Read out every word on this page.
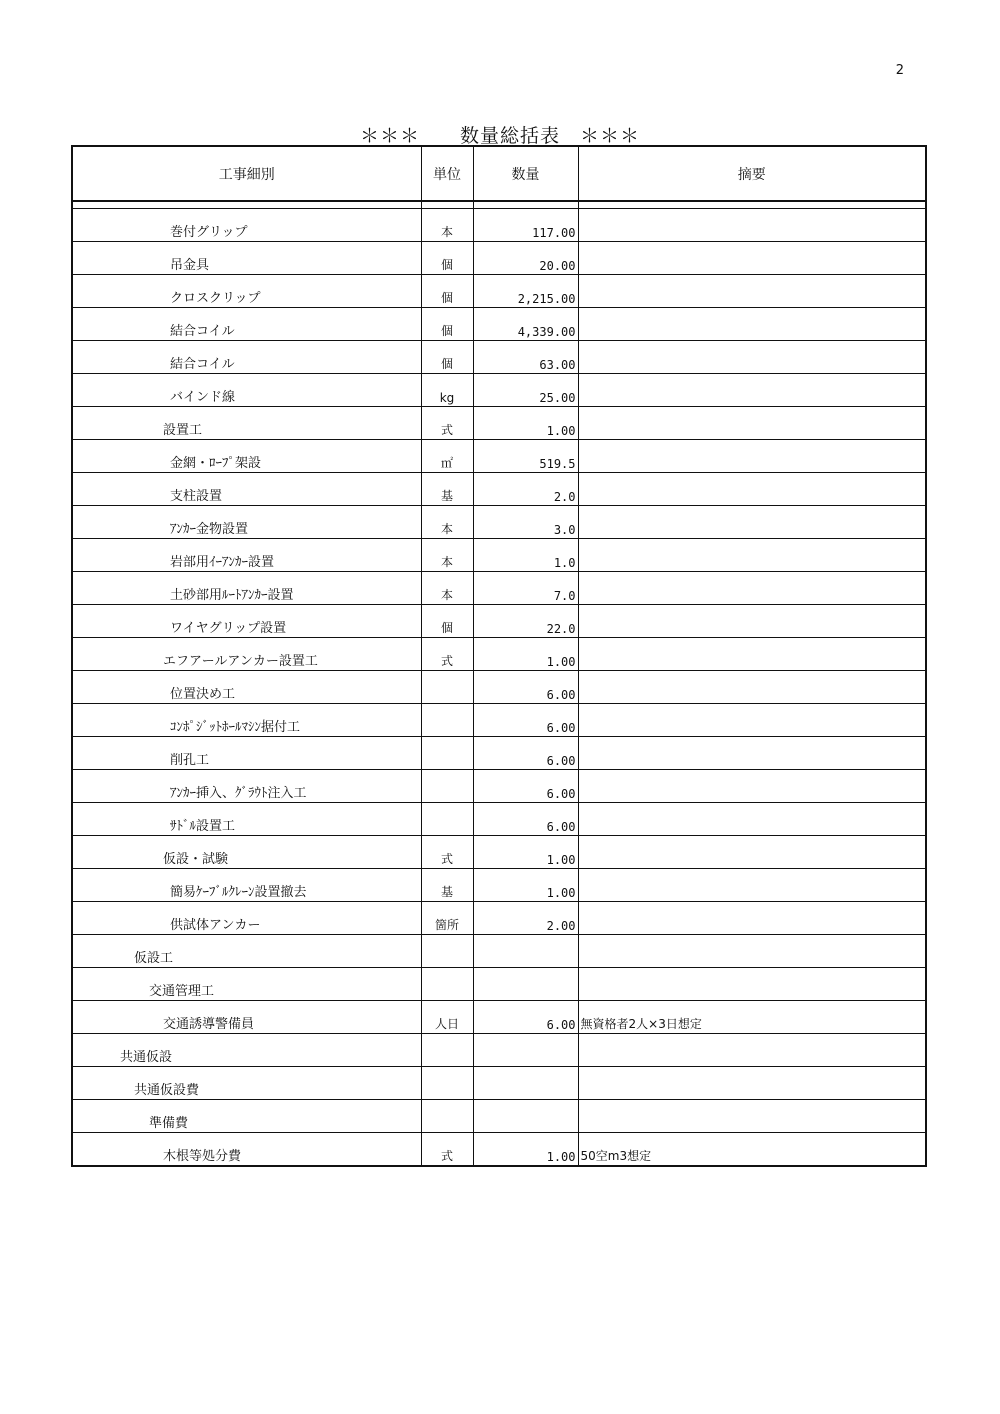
2
＊＊＊　　数量総括表　＊＊＊
工事細別	単位	数量	摘要

巻付グリップ	本	117.00	
吊金具	個	20.00	
クロスクリップ	個	2,215.00	
結合コイル	個	4,339.00	
結合コイル	個	63.00	
バインド線	kg	25.00	
設置工	式	1.00	
金網・ﾛｰﾌﾟ架設	㎡	519.5	
支柱設置	基	2.0	
ｱﾝｶｰ金物設置	本	3.0	
岩部用ｲｰｱﾝｶｰ設置	本	1.0	
土砂部用ﾙｰﾄｱﾝｶｰ設置	本	7.0	
ワイヤグリップ設置	個	22.0	
エフアールアンカー設置工	式	1.00	
位置決め工		6.00	
ｺﾝﾎﾟｼﾞｯﾄﾎｰﾙﾏｼﾝ据付工		6.00	
削孔工		6.00	
ｱﾝｶｰ挿入、ｸﾞﾗｳﾄ注入工		6.00	
ｻﾄﾞﾙ設置工		6.00	
仮設・試験	式	1.00	
簡易ｹｰﾌﾞﾙｸﾚｰﾝ設置撤去	基	1.00	
供試体アンカー	箇所	2.00	
仮設工			
交通管理工			
交通誘導警備員	人日	6.00	無資格者2人×3日想定
共通仮設			
共通仮設費			
準備費			
木根等処分費	式	1.00	50空m3想定
